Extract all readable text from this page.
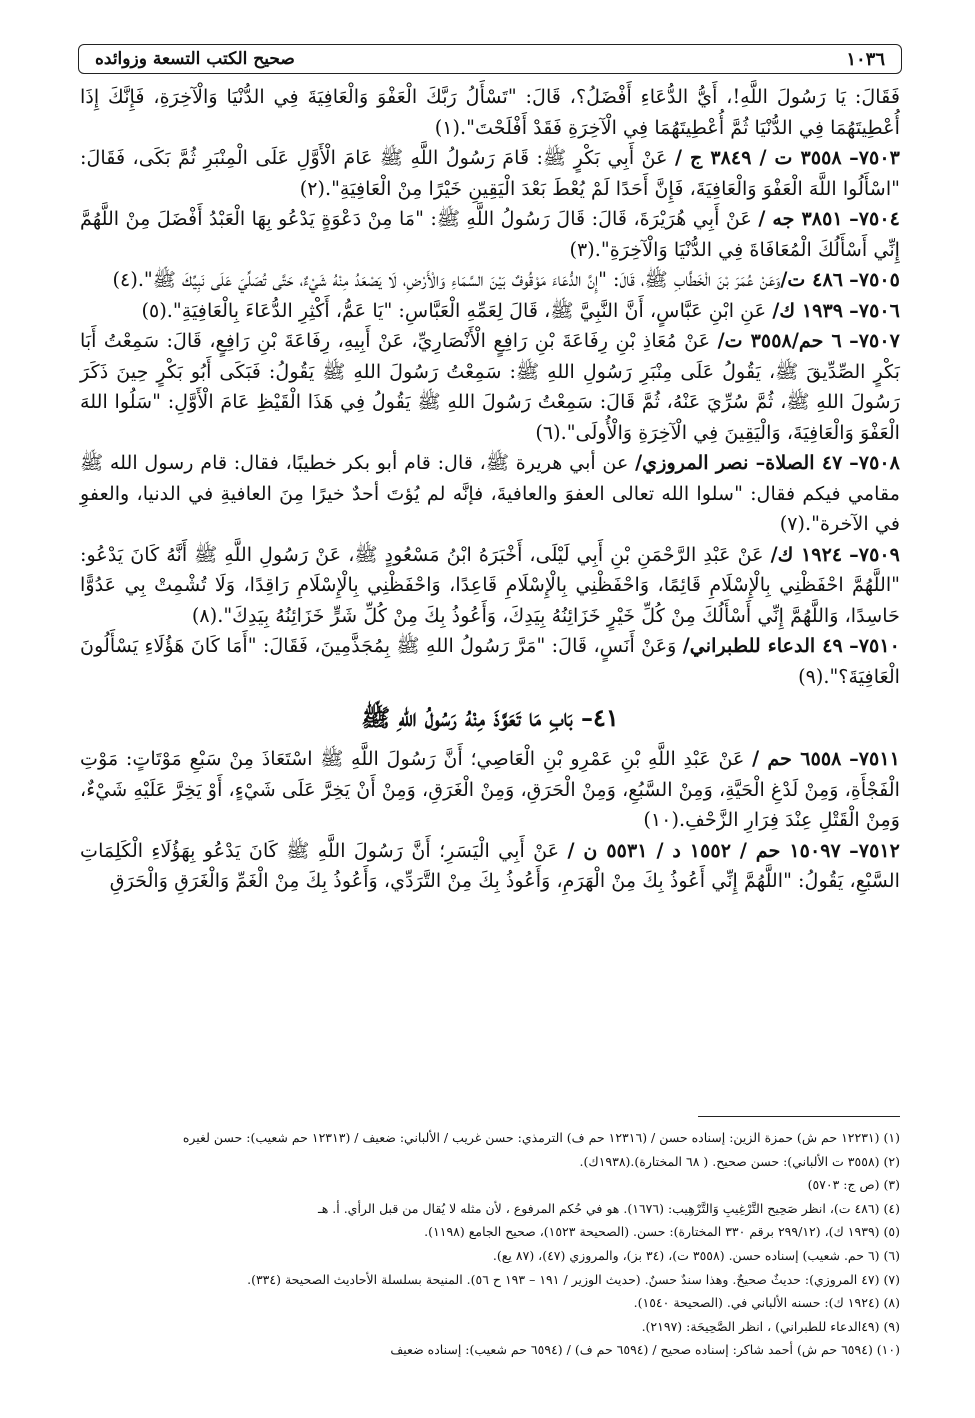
١٠٣٦
صحيح الكتب التسعة وزوائده

فَقَالَ: يَا رَسُولَ اللَّهِ!، أَيُّ الدُّعَاءِ أَفْضَلُ؟، قَالَ: "تَسْأَلُ رَبَّكَ الْعَفْوَ وَالْعَافِيَةَ فِي الدُّنْيَا وَالْآخِرَةِ، فَإِنَّكَ إِذَا أُعْطِيتَهُمَا فِي الدُّنْيَا ثُمَّ أُعْطِيتَهُمَا فِي الْآخِرَةِ فَقَدْ أَفْلَحْتَ".(١)

٧٥٠٣– ٣٥٥٨ ت / ٣٨٤٩ ج / عَنْ أَبِي بَكْرٍ ﷺ: قَامَ رَسُولُ اللَّهِ ﷺ عَامَ الْأَوَّلِ عَلَى الْمِنْبَرِ ثُمَّ بَكَى، فَقَالَ: "اسْأَلُوا اللَّهَ الْعَفْوَ وَالْعَافِيَةَ، فَإِنَّ أَحَدًا لَمْ يُعْطَ بَعْدَ الْيَقِينِ خَيْرًا مِنْ الْعَافِيَةِ".(٢)

٧٥٠٤– ٣٨٥١ جه / عَنْ أَبِي هُرَيْرَةَ، قَالَ: قَالَ رَسُولُ اللَّهِ ﷺ: "مَا مِنْ دَعْوَةٍ يَدْعُو بِهَا الْعَبْدُ أَفْضَلَ مِنْ اللَّهُمَّ إِنِّي أَسْأَلُكَ الْمُعَافَاةَ فِي الدُّنْيَا وَالْآخِرَةِ".(٣)

٧٥٠٥– ٤٨٦ ت/وَعَنْ عُمَرَ بْنَ الْخَطَّابِ ﷺ، قَالَ: "إِنَّ الدُّعَاءَ مَوْقُوفٌ بَيْنَ السَّمَاءِ وَالْأَرْضِ، لَا يَصْعَدُ مِنْهُ شَيْءٌ، حَتَّى تُصَلِّيَ عَلَى نَبِيِّكَ ﷺ".(٤)

٧٥٠٦– ١٩٣٩ ك/ عَنِ ابْنِ عَبَّاسٍ، أَنَّ النَّبِيَّ ﷺ، قَالَ لِعَمِّهِ الْعَبَّاسِ: "يَا عَمُّ، أَكْثِرِ الدُّعَاءَ بِالْعَافِيَةِ".(٥)

٧٥٠٧– ٦ حم/٣٥٥٨ ت/ عَنْ مُعَاذِ بْنِ رِفَاعَةَ بْنِ رَافِعٍ الْأَنْصَارِيِّ، عَنْ أَبِيهِ، رِفَاعَةَ بْنِ رَافِعٍ، قَالَ: سَمِعْتُ أَبَا بَكْرٍ الصِّدِّيقَ ﷺ، يَقُولُ عَلَى مِنْبَرِ رَسُولِ اللهِ ﷺ: سَمِعْتُ رَسُولَ اللهِ ﷺ يَقُولُ: فَبَكَى أَبُو بَكْرٍ حِينَ ذَكَرَ رَسُولَ اللهِ ﷺ، ثُمَّ سُرِّيَ عَنْهُ، ثُمَّ قَالَ: سَمِعْتُ رَسُولَ اللهِ ﷺ يَقُولُ فِي هَذَا الْقَيْظِ عَامَ الْأَوَّلِ: "سَلُوا اللهَ الْعَفْوَ وَالْعَافِيَةَ، وَالْيَقِينَ فِي الْآخِرَةِ وَالْأُولَى".(٦)

٧٥٠٨– ٤٧ الصلاة– نصر المروزي/ عن أبي هريرة ﷺ، قال: قام أبو بكر خطيبًا، فقال: قام رسول الله ﷺ مقامي فيكم فقال: "سلوا الله تعالى العفوَ والعافيةَ، فإنَّه لم يُؤتَ أحدٌ خيرًا مِنَ العافيةِ في الدنيا، والعفوِ في الآخرة".(٧)

٧٥٠٩– ١٩٢٤ ك/ عَنْ عَبْدِ الرَّحْمَنِ بْنِ أَبِي لَيْلَى، أَخْبَرَهُ ابْنُ مَسْعُودٍ ﷺ، عَنْ رَسُولِ اللَّهِ ﷺ أَنَّهُ كَانَ يَدْعُو: "اللَّهُمَّ احْفَظْنِي بِالْإِسْلَامِ قَائِمًا، وَاحْفَظْنِي بِالْإِسْلَامِ قَاعِدًا، وَاحْفَظْنِي بِالْإِسْلَامِ رَاقِدًا، وَلَا تُشْمِتْ بِي عَدُوًّا حَاسِدًا، وَاللَّهُمَّ إِنِّي أَسْأَلُكَ مِنْ كُلِّ خَيْرٍ خَزَائِنُهُ بِيَدِكَ، وَأَعُوذُ بِكَ مِنْ كُلِّ شَرٍّ خَزَائِنُهُ بِيَدِكَ".(٨)

٧٥١٠– ٤٩ الدعاء للطبراني/ وَعَنْ أَنَسٍ، قَالَ: "مَرَّ رَسُولُ اللهِ ﷺ بِمُجَذَّمِينَ، فَقَالَ: "أَمَا كَانَ هَؤُلَاءِ يَسْأَلُونَ الْعَافِيَةَ؟".(٩)

٤١– بَابِ مَا تَعَوَّذَ مِنْهُ رَسُولُ اللهِ ﷺ

٧٥١١– ٦٥٥٨ حم / عَنْ عَبْدِ اللَّهِ بْنِ عَمْرِو بْنِ الْعَاصِي؛ أَنَّ رَسُولَ اللَّهِ ﷺ اسْتَعَاذَ مِنْ سَبْعِ مَوْتَاتٍ: مَوْتِ الْفَجْأَةِ، وَمِنْ لَدْغِ الْحَيَّةِ، وَمِنْ السَّبُعِ، وَمِنْ الْحَرَقِ، وَمِنْ الْغَرَقِ، وَمِنْ أَنْ يَخِرَّ عَلَى شَيْءٍ، أَوْ يَخِرَّ عَلَيْهِ شَيْءٌ، وَمِنْ الْقَتْلِ عِنْدَ فِرَارِ الزَّحْفِ.(١٠)

٧٥١٢– ١٥٠٩٧ حم / ١٥٥٢ د / ٥٥٣١ ن / عَنْ أَبِي الْيَسَرِ؛ أَنَّ رَسُولَ اللَّهِ ﷺ كَانَ يَدْعُو بِهَؤُلَاءِ الْكَلِمَاتِ السَّبْعِ، يَقُولُ: "اللَّهُمَّ إِنِّي أَعُوذُ بِكَ مِنْ الْهَرَمِ، وَأَعُوذُ بِكَ مِنْ التَّرَدِّي، وَأَعُوذُ بِكَ مِنْ الْغَمِّ وَالْغَرَقِ وَالْحَرَقِ

(١) (١٢٢٣١ حم ش) حمزة الزين: إسناده حسن / (١٢٣١٦ حم ف) الترمذي: حسن غريب / الألباني: ضعيف / (١٢٣١٣ حم شعيب): حسن لغيره

(٢) (٣٥٥٨ ت الألباني): حسن صحيح. ( ٦٨ المختارة).(١٩٣٨ك).

(٣) (ص ج: ٥٧٠٣)

(٤) (٤٨٦ ت)، انظر صَحِيح التَّرْغِيبِ وَالتَّرْهِيب: (١٦٧٦). هو في حُكم المرفوع ، لأن مثله لا يُقال من قبل الرأي. أ. هـ

(٥) (١٩٣٩ ك)، (٢٩٩/١٢ برقم ٣٣٠ المختارة): حسن. (الصحيحة ١٥٢٣)، صحيح الجامع (١١٩٨).

(٦) (٦ حم. شعيب) إسناده حسن. (٣٥٥٨ ت)، (٣٤ بز)، والمروزي (٤٧)، (٨٧ يع).

(٧) (٤٧ المروزي): حديثٌ صحيحٌ. وهذا سندٌ حسنٌ. (حديث الوزير / ١٩١ – ١٩٣ ح ٥٦). المنيحة بسلسلة الأحاديث الصحيحة (٣٣٤).

(٨) (١٩٢٤ ك): حسنه الألباني في. (الصحيحة ١٥٤٠).

(٩) (٤٩الدعاء للطبراني) ، انظر الصَّحِيحَة: (٢١٩٧).

(١٠) (٦٥٩٤ حم ش) أحمد شاكر: إسناده صحيح / (٦٥٩٤ حم ف) / (٦٥٩٤ حم شعيب): إسناده ضعيف
